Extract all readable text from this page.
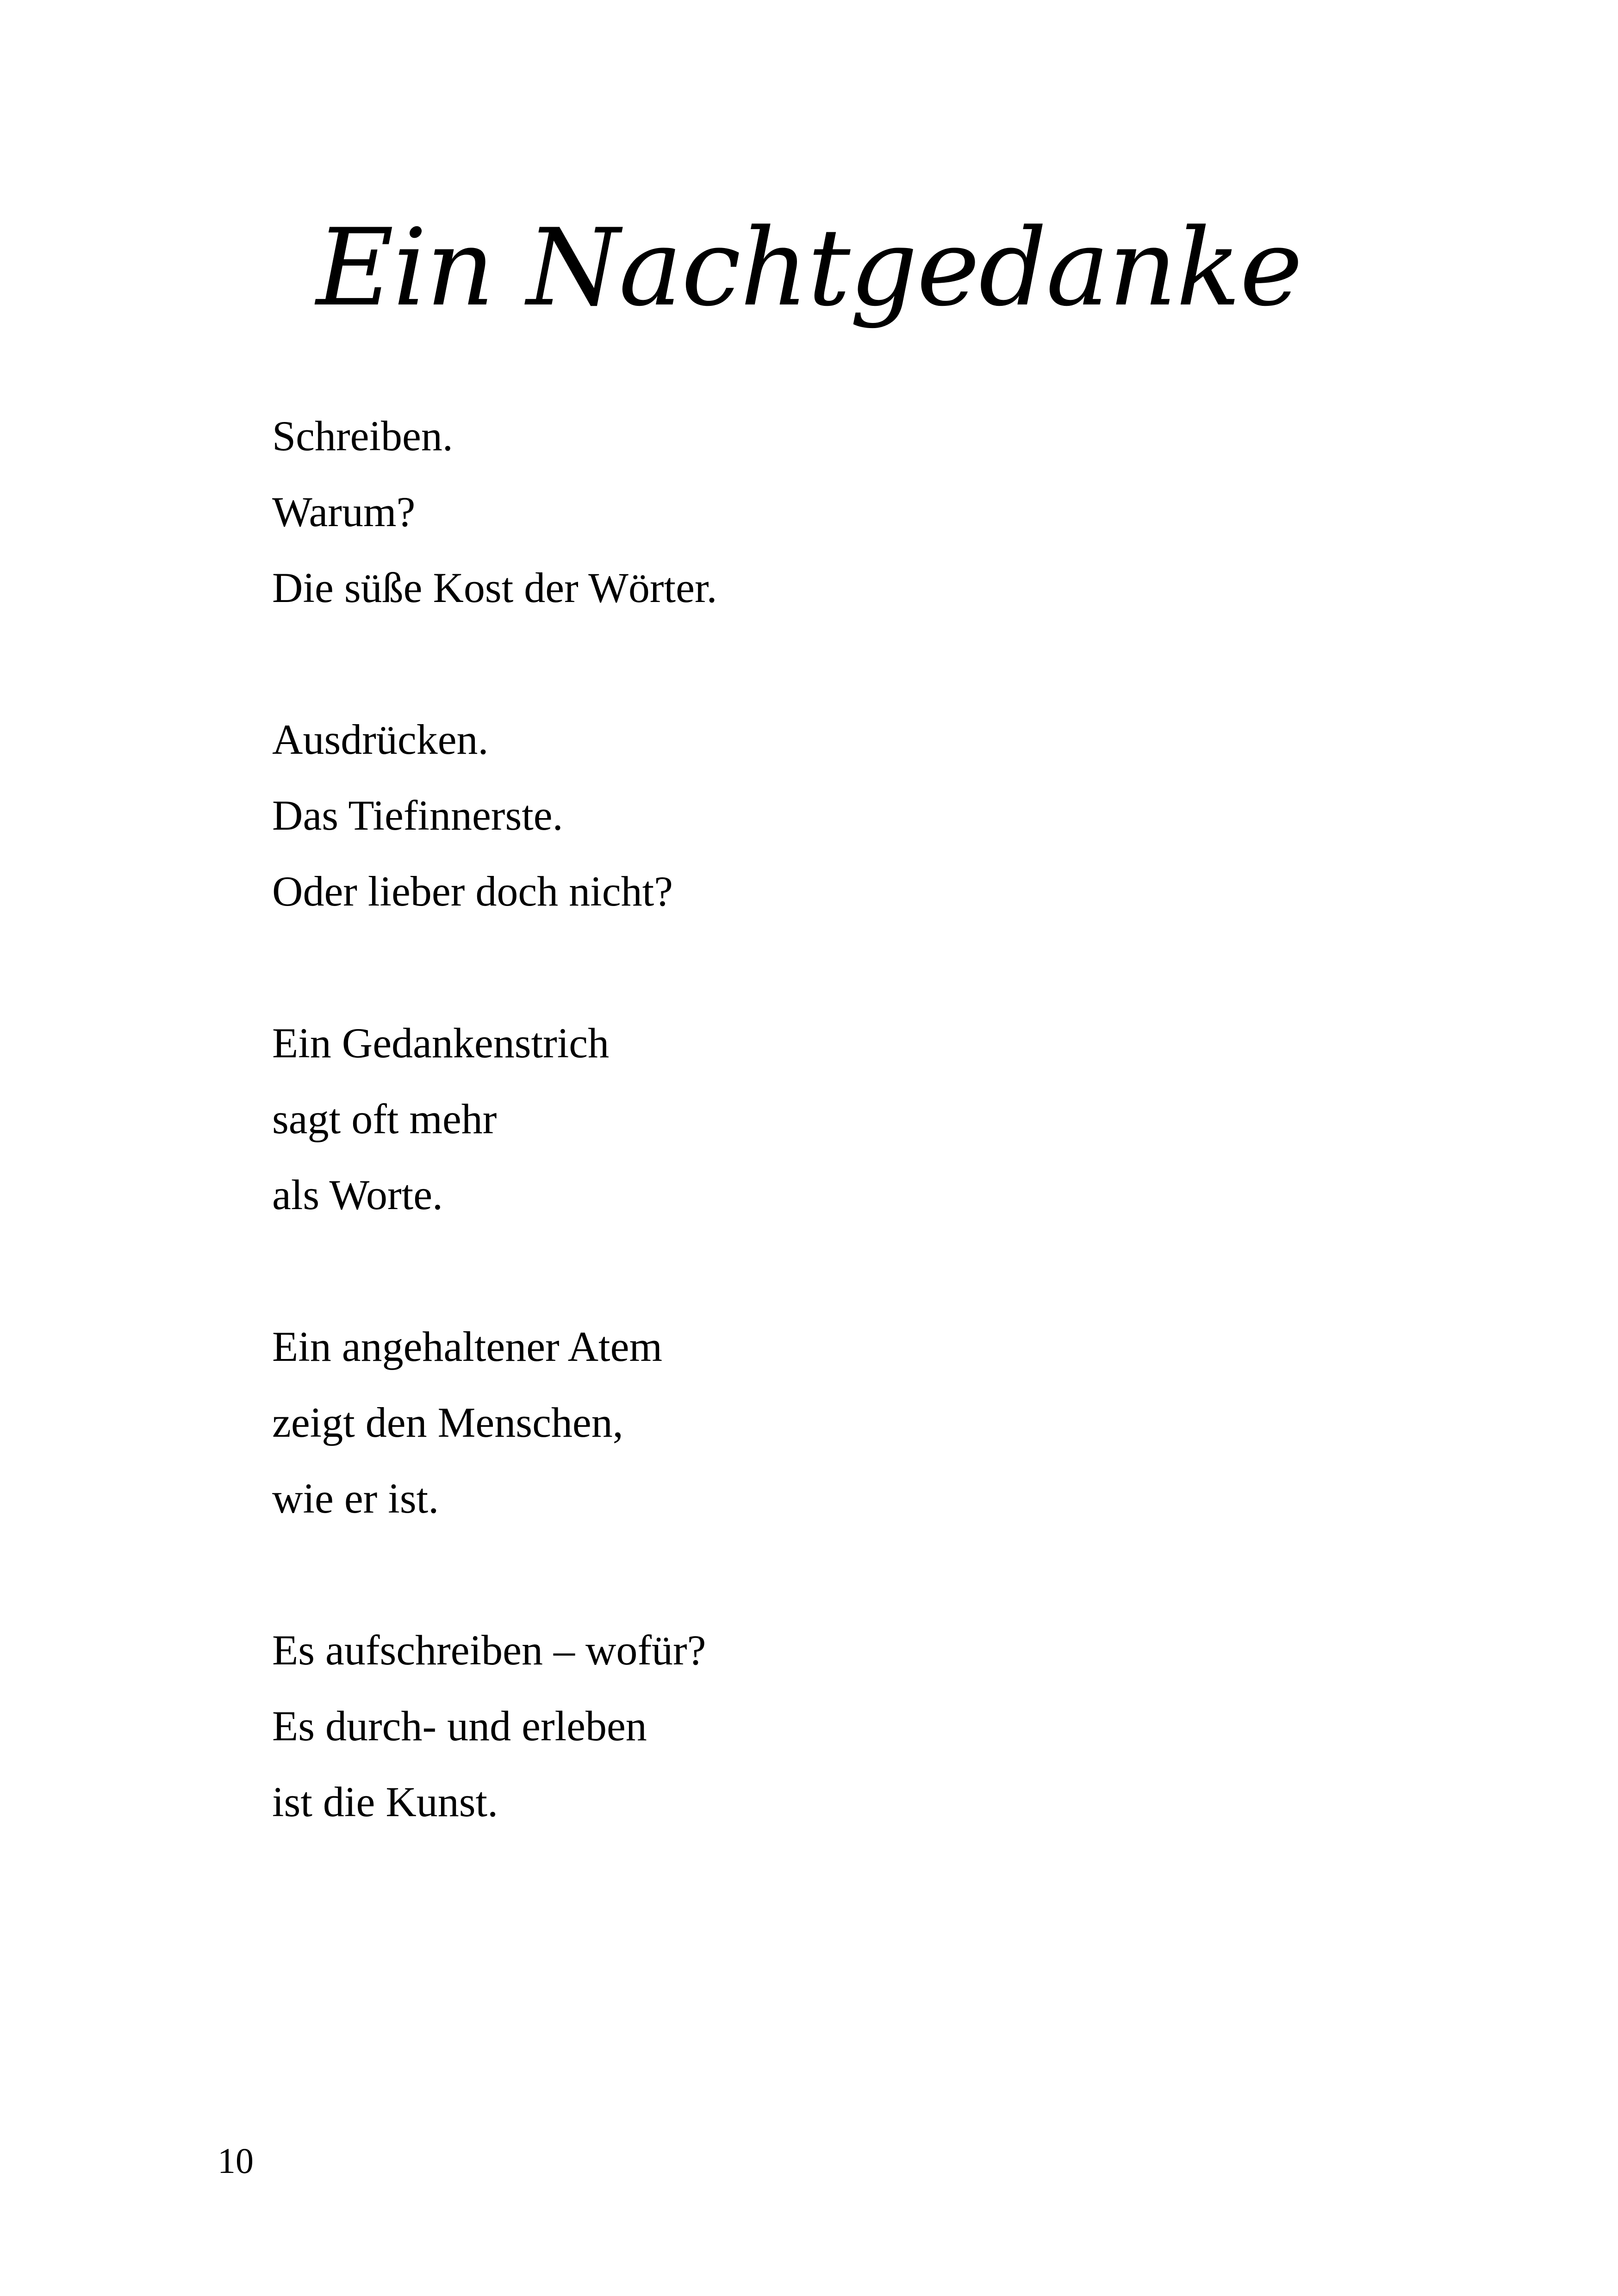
Ein Nachtgedanke
Schreiben.
Warum?
Die süße Kost der Wörter.
Ausdrücken.
Das Tiefinnerste.
Oder lieber doch nicht?
Ein Gedankenstrich
sagt oft mehr
als Worte.
Ein angehaltener Atem
zeigt den Menschen,
wie er ist.
Es aufschreiben – wofür?
Es durch- und erleben
ist die Kunst.
10
